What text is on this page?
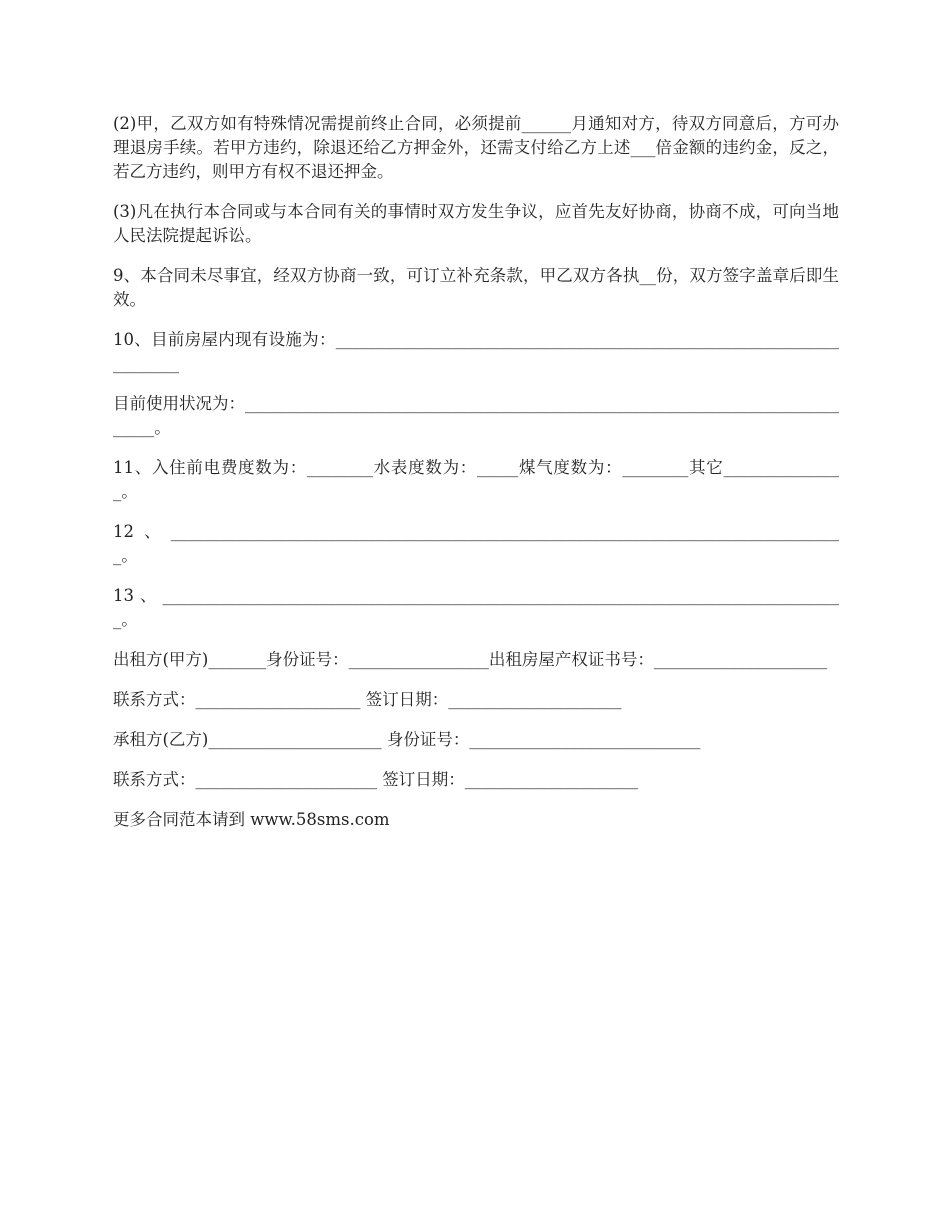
(2)甲，乙双方如有特殊情况需提前终止合同，必须提前______月通知对方，待双方同意后，方可办理退房手续。若甲方违约，除退还给乙方押金外，还需支付给乙方上述___倍金额的违约金，反之，若乙方违约，则甲方有权不退还押金。

(3)凡在执行本合同或与本合同有关的事情时双方发生争议，应首先友好协商，协商不成，可向当地人民法院提起诉讼。

9、本合同未尽事宜，经双方协商一致，可订立补充条款，甲乙双方各执__份，双方签字盖章后即生效。

10、目前房屋内现有设施为：_____________________________________________________________________

目前使用状况为：_____________________________________________________________________________。

11、入住前电费度数为：________水表度数为：_____煤气度数为：________其它_______________。

12、__________________________________________________________________________________。

13、___________________________________________________________________________________。

出租方(甲方)_______身份证号：_________________出租房屋产权证书号：_____________________

联系方式：____________________ 签订日期：_____________________

承租方(乙方)_____________________ 身份证号：____________________________

联系方式：______________________ 签订日期：_____________________

更多合同范本请到 www.58sms.com
